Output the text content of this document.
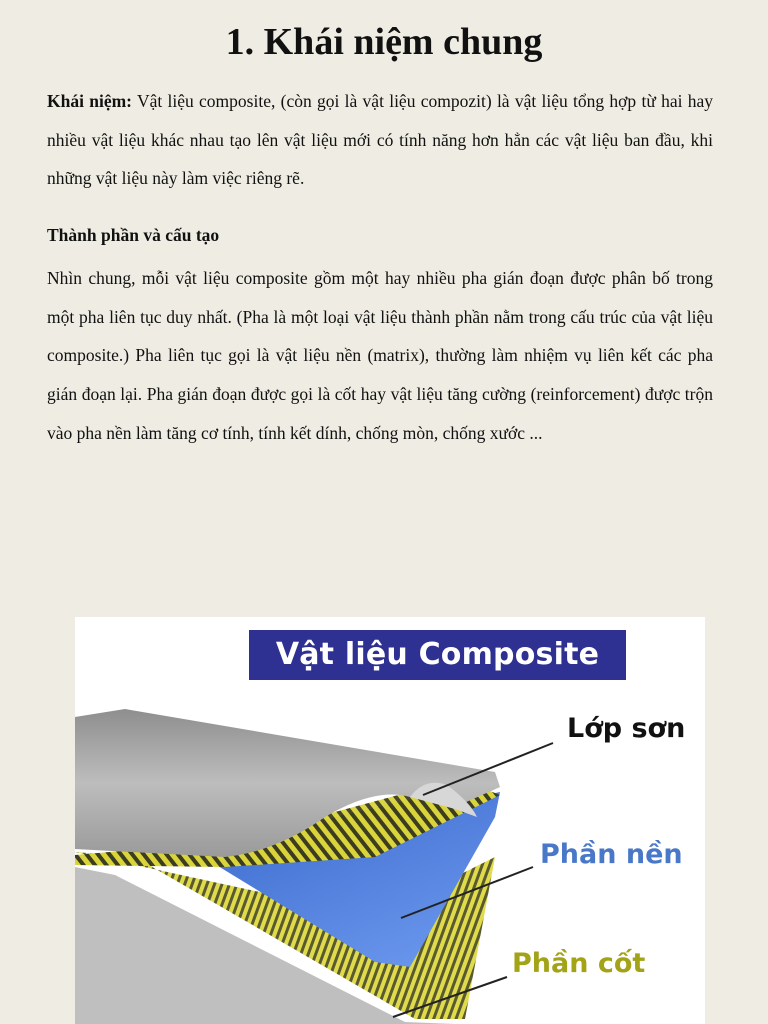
1. Khái niệm chung

Khái niệm: Vật liệu composite, (còn gọi là vật liệu compozit) là vật liệu tổng hợp từ hai hay nhiều vật liệu khác nhau tạo lên vật liệu mới có tính năng hơn hẳn các vật liệu ban đầu, khi những vật liệu này làm việc riêng rẽ.

Thành phần và cấu tạo

Nhìn chung, mỗi vật liệu composite gồm một hay nhiều pha gián đoạn được phân bố trong một pha liên tục duy nhất. (Pha là một loại vật liệu thành phần nằm trong cấu trúc của vật liệu composite.) Pha liên tục gọi là vật liệu nền (matrix), thường làm nhiệm vụ liên kết các pha gián đoạn lại. Pha gián đoạn được gọi là cốt hay vật liệu tăng cường (reinforcement) được trộn vào pha nền làm tăng cơ tính, tính kết dính, chống mòn, chống xước ...

Vật liệu Composite
Lớp sơn
Phần nền
Phần cốt
